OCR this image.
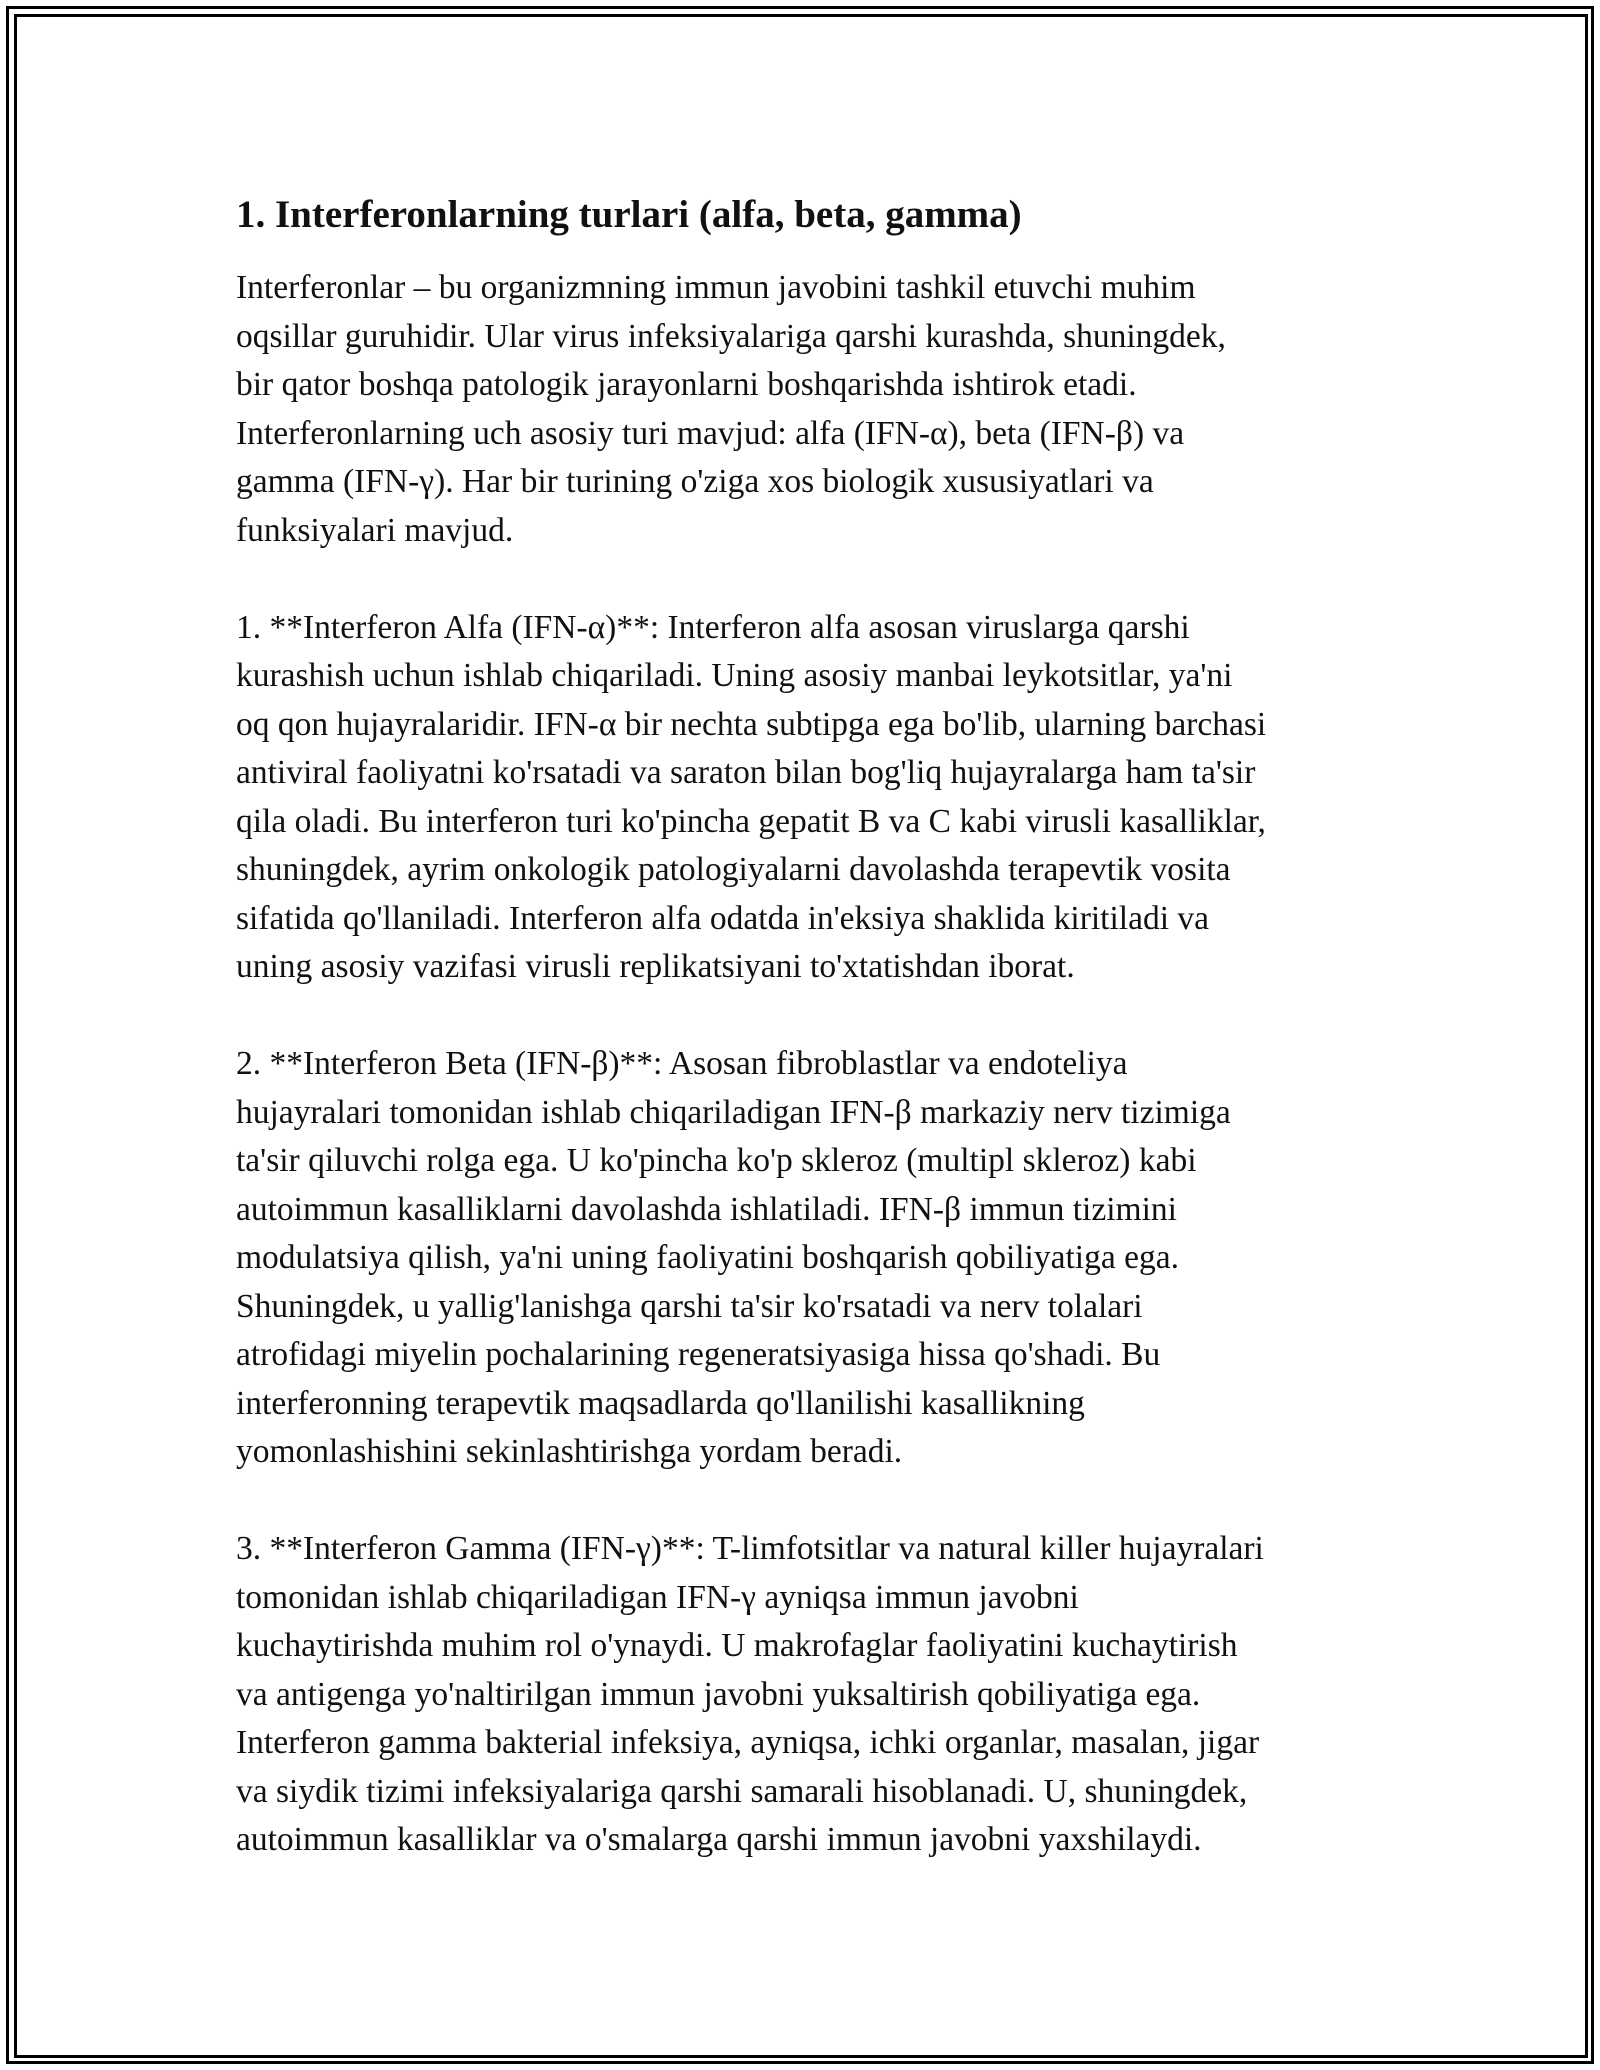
1. Interferonlarning turlari (alfa, beta, gamma)

Interferonlar – bu organizmning immun javobini tashkil etuvchi muhim
oqsillar guruhidir. Ular virus infeksiyalariga qarshi kurashda, shuningdek,
bir qator boshqa patologik jarayonlarni boshqarishda ishtirok etadi.
Interferonlarning uch asosiy turi mavjud: alfa (IFN-α), beta (IFN-β) va
gamma (IFN-γ). Har bir turining o'ziga xos biologik xususiyatlari va
funksiyalari mavjud.

1. **Interferon Alfa (IFN-α)**: Interferon alfa asosan viruslarga qarshi
kurashish uchun ishlab chiqariladi. Uning asosiy manbai leykotsitlar, ya'ni
oq qon hujayralaridir. IFN-α bir nechta subtipga ega bo'lib, ularning barchasi
antiviral faoliyatni ko'rsatadi va saraton bilan bog'liq hujayralarga ham ta'sir
qila oladi. Bu interferon turi ko'pincha gepatit B va C kabi virusli kasalliklar,
shuningdek, ayrim onkologik patologiyalarni davolashda terapevtik vosita
sifatida qo'llaniladi. Interferon alfa odatda in'eksiya shaklida kiritiladi va
uning asosiy vazifasi virusli replikatsiyani to'xtatishdan iborat.

2. **Interferon Beta (IFN-β)**: Asosan fibroblastlar va endoteliya
hujayralari tomonidan ishlab chiqariladigan IFN-β markaziy nerv tizimiga
ta'sir qiluvchi rolga ega. U ko'pincha ko'p skleroz (multipl skleroz) kabi
autoimmun kasalliklarni davolashda ishlatiladi. IFN-β immun tizimini
modulatsiya qilish, ya'ni uning faoliyatini boshqarish qobiliyatiga ega.
Shuningdek, u yallig'lanishga qarshi ta'sir ko'rsatadi va nerv tolalari
atrofidagi miyelin pochalarining regeneratsiyasiga hissa qo'shadi. Bu
interferonning terapevtik maqsadlarda qo'llanilishi kasallikning
yomonlashishini sekinlashtirishga yordam beradi.

3. **Interferon Gamma (IFN-γ)**: T-limfotsitlar va natural killer hujayralari
tomonidan ishlab chiqariladigan IFN-γ ayniqsa immun javobni
kuchaytirishda muhim rol o'ynaydi. U makrofaglar faoliyatini kuchaytirish
va antigenga yo'naltirilgan immun javobni yuksaltirish qobiliyatiga ega.
Interferon gamma bakterial infeksiya, ayniqsa, ichki organlar, masalan, jigar
va siydik tizimi infeksiyalariga qarshi samarali hisoblanadi. U, shuningdek,
autoimmun kasalliklar va o'smalarga qarshi immun javobni yaxshilaydi.
